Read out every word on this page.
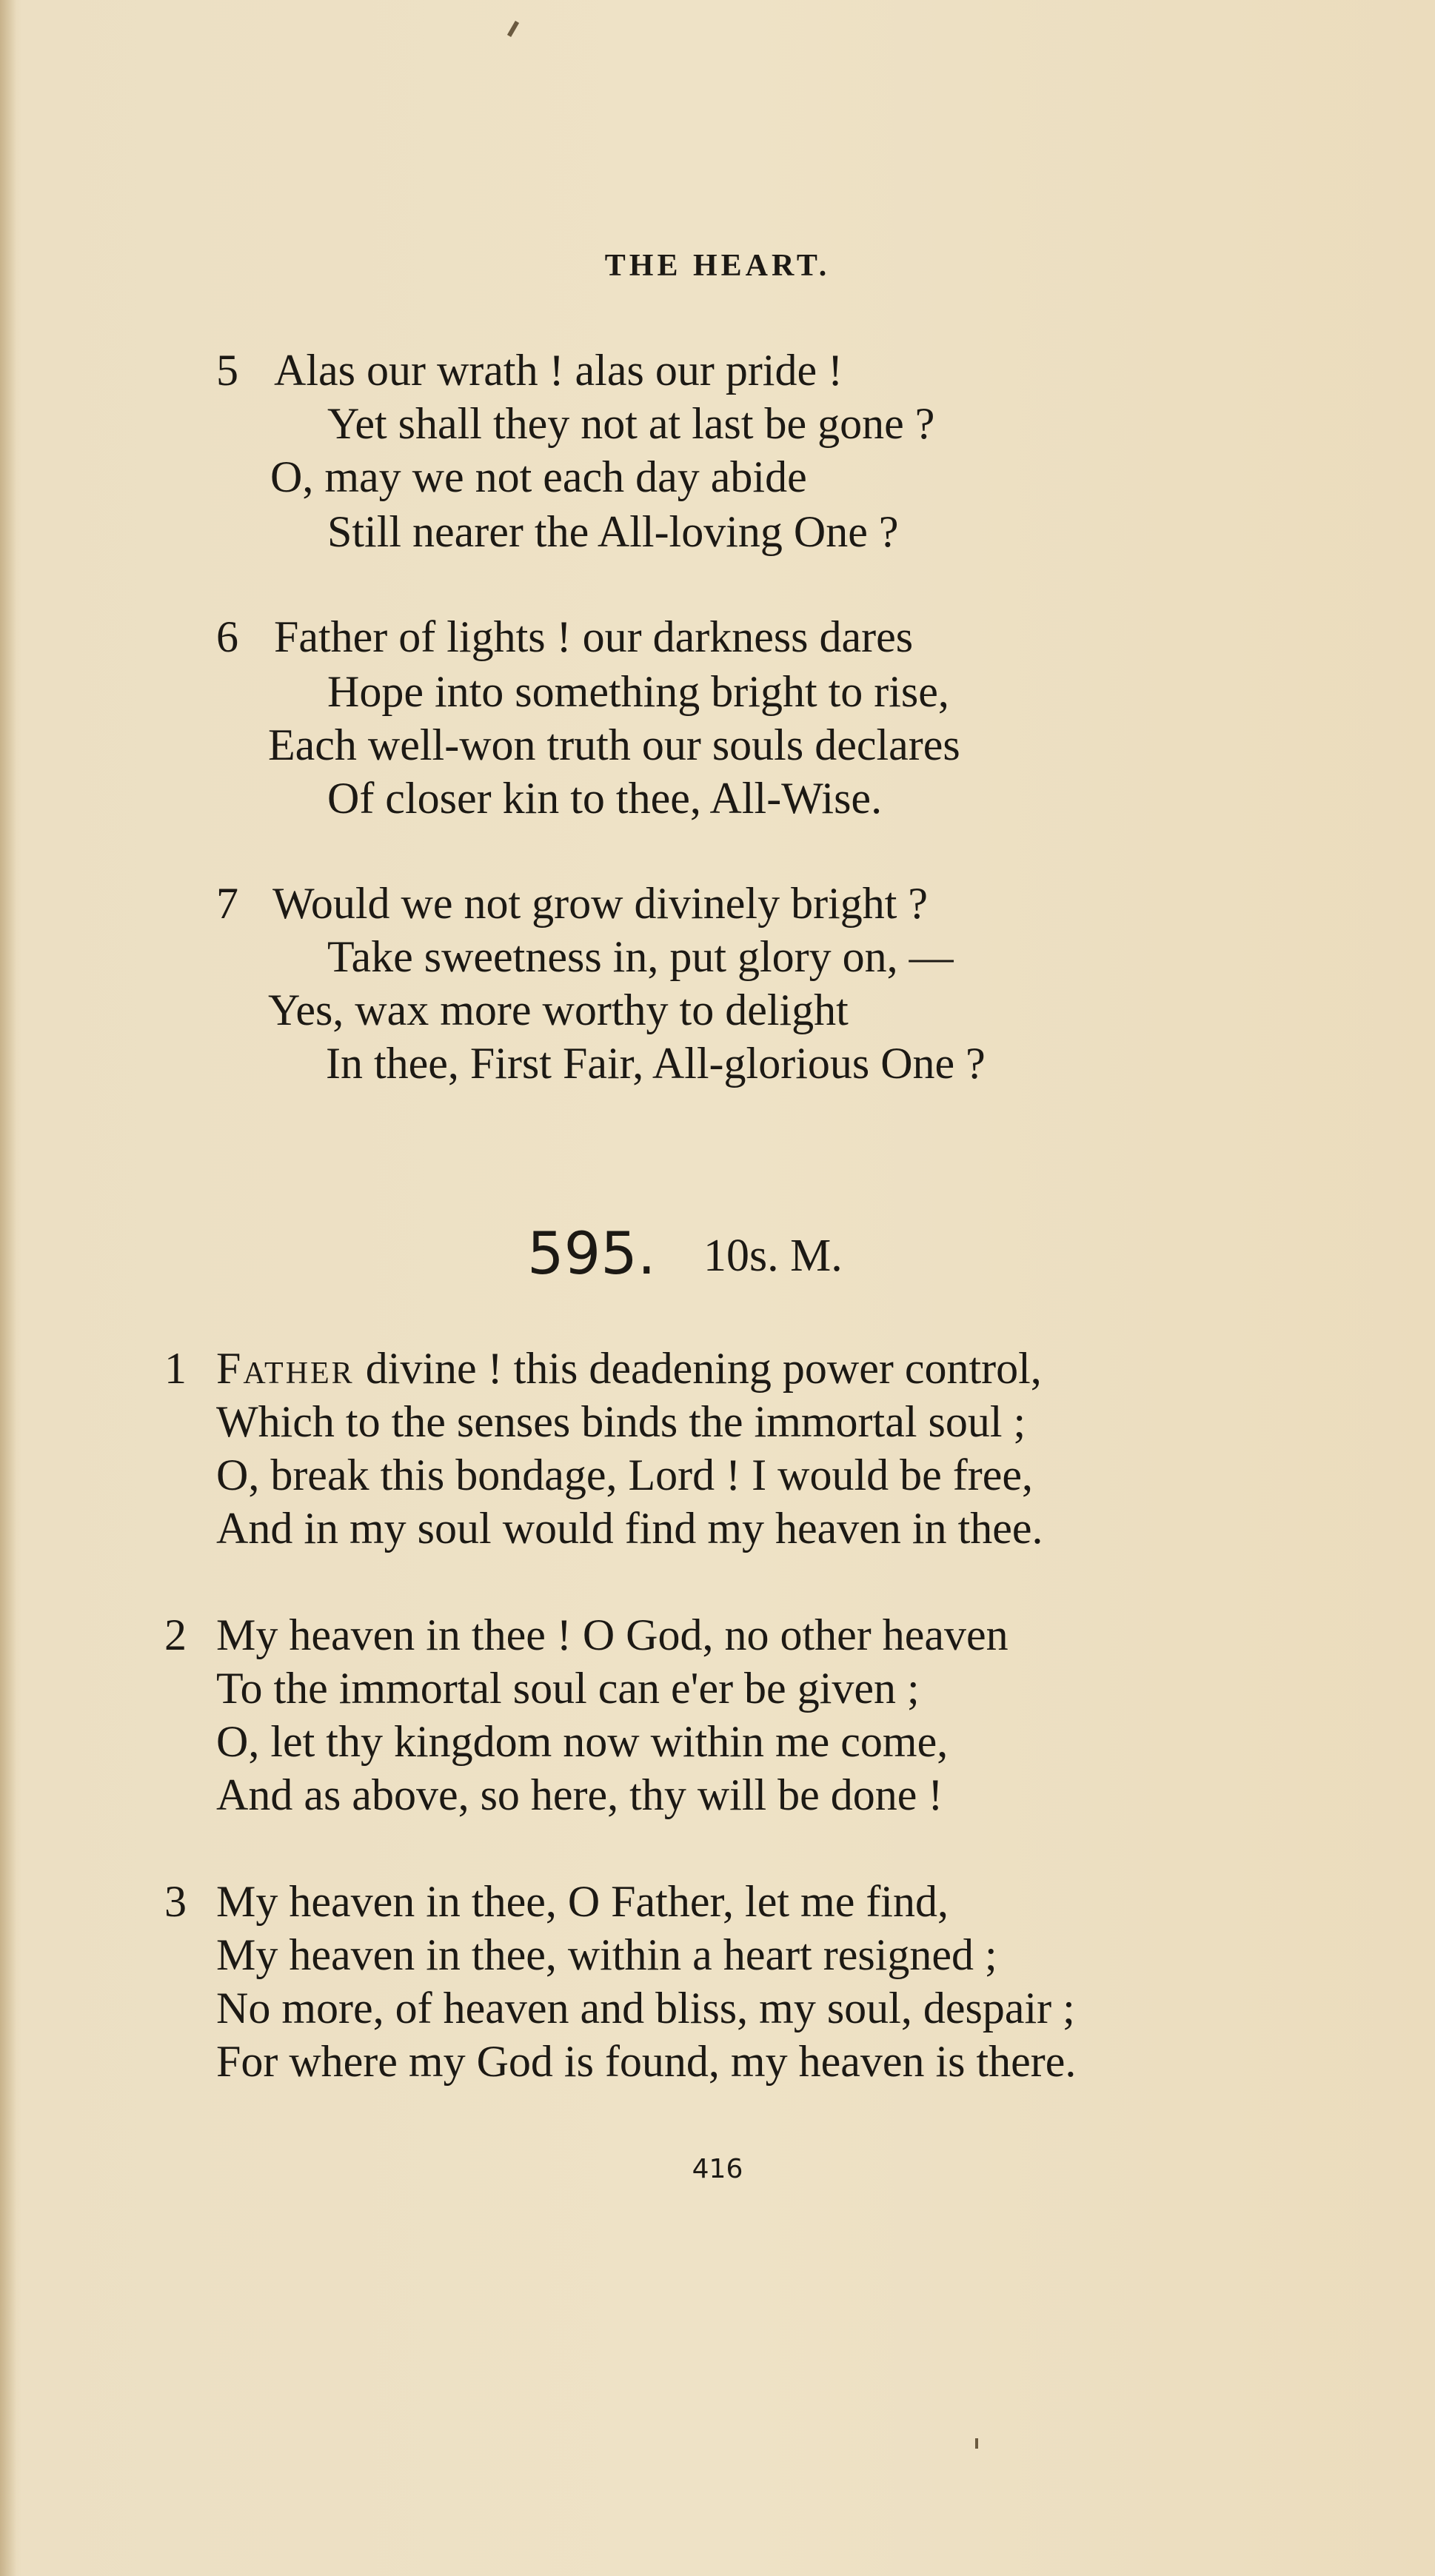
THE HEART.
5 Alas our wrath ! alas our pride !
Yet shall they not at last be gone ?
O, may we not each day abide
Still nearer the All-loving One ?
6 Father of lights ! our darkness dares
Hope into something bright to rise,
Each well-won truth our souls declares
Of closer kin to thee, All-Wise.
7 Would we not grow divinely bright ?
Take sweetness in, put glory on, —
Yes, wax more worthy to delight
In thee, First Fair, All-glorious One ?
595. 10s. M.
1 Father divine ! this deadening power control,
Which to the senses binds the immortal soul ;
O, break this bondage, Lord ! I would be free,
And in my soul would find my heaven in thee.
2 My heaven in thee ! O God, no other heaven
To the immortal soul can e'er be given ;
O, let thy kingdom now within me come,
And as above, so here, thy will be done !
3 My heaven in thee, O Father, let me find,
My heaven in thee, within a heart resigned ;
No more, of heaven and bliss, my soul, despair ;
For where my God is found, my heaven is there.
416
